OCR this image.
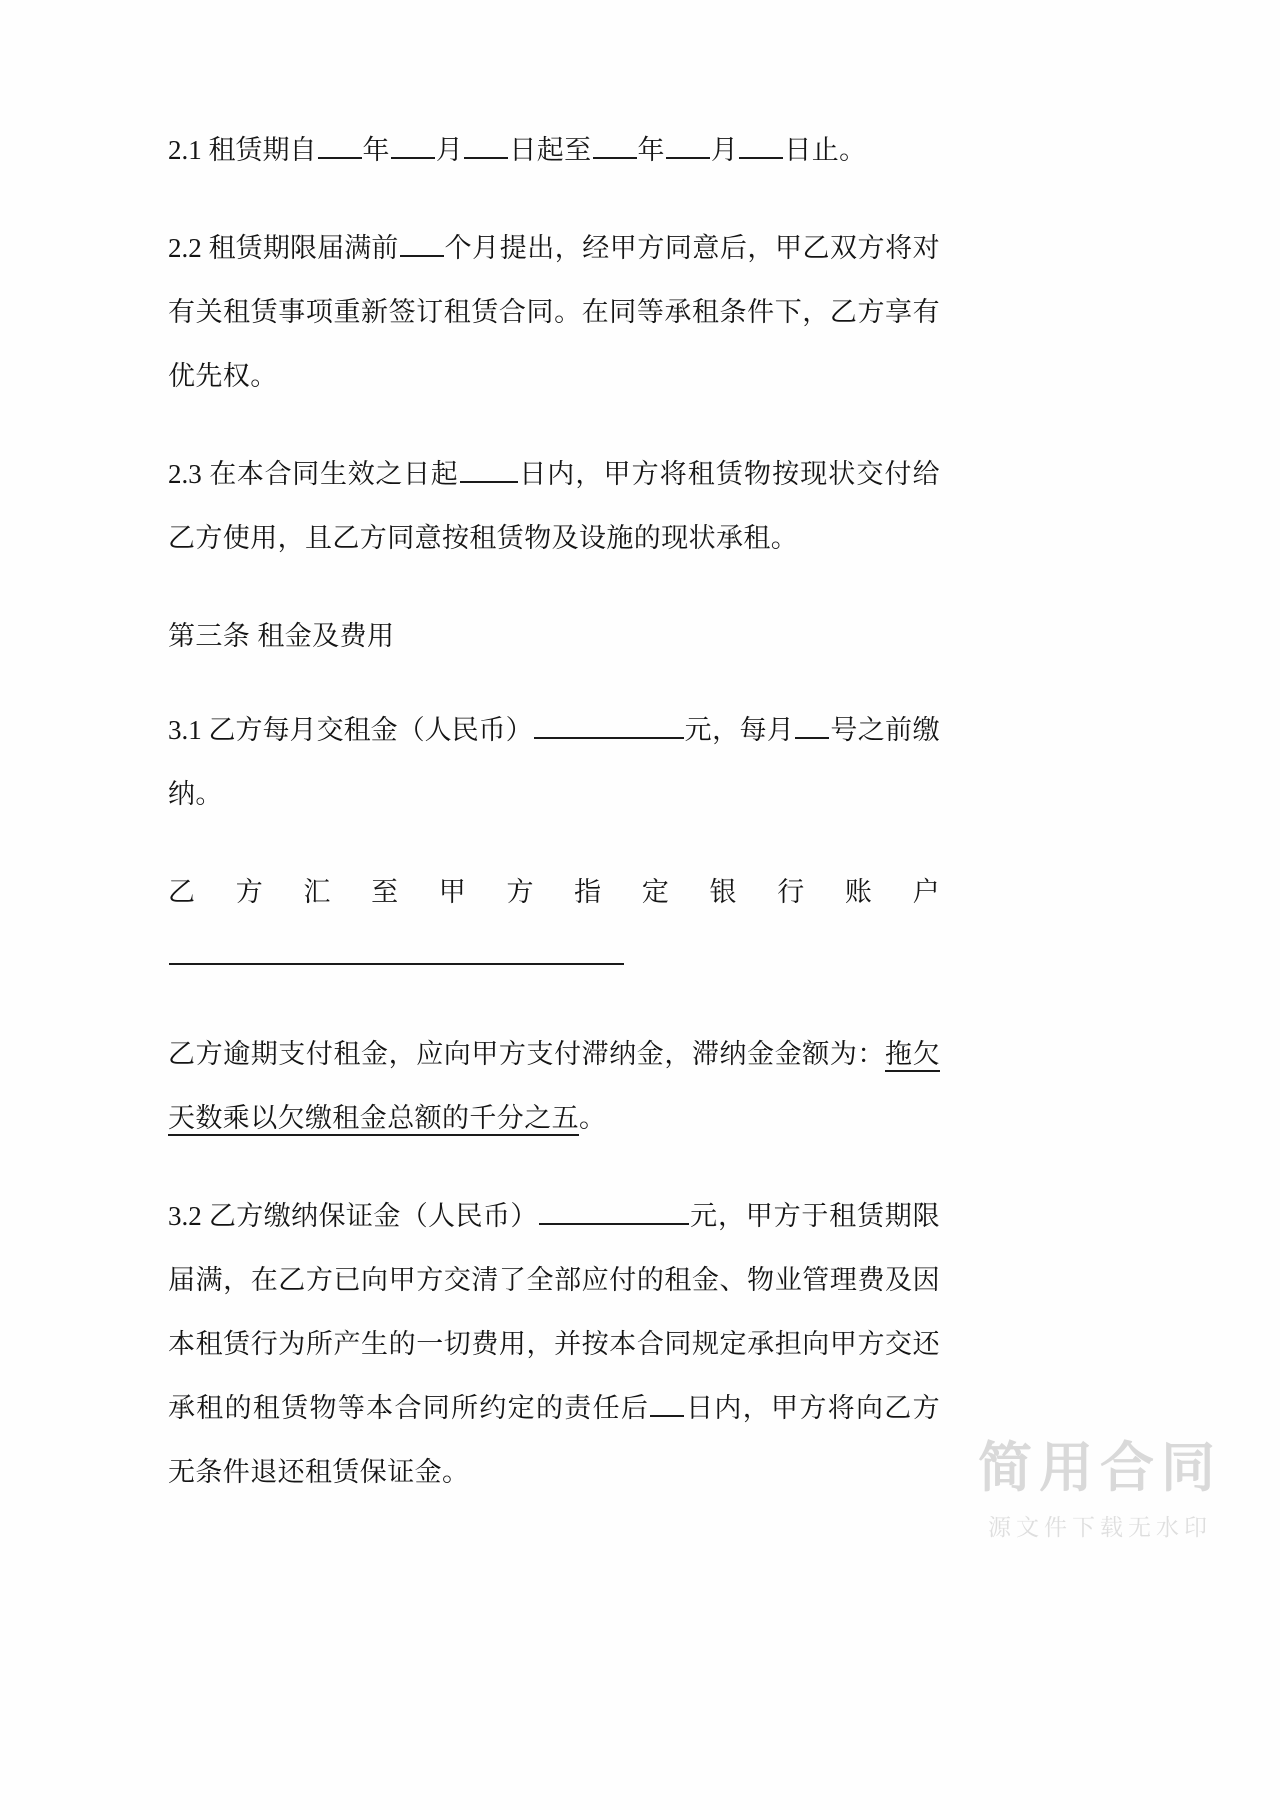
2.1 租赁期自 年 月 日起至 年 月 日止。

2.2 租赁期限届满前 个月提出，经甲方同意后，甲乙双方将对有关租赁事项重新签订租赁合同。在同等承租条件下，乙方享有优先权。

2.3 在本合同生效之日起 日内，甲方将租赁物按现状交付给乙方使用，且乙方同意按租赁物及设施的现状承租。

第三条 租金及费用

3.1 乙方每月交租金（人民币）	元，每月 号之前缴纳。

乙方汇至甲方指定银行账户

乙方逾期支付租金，应向甲方支付滞纳金，滞纳金金额为：拖欠天数乘以欠缴租金总额的千分之五。

3.2 乙方缴纳保证金（人民币）	元，甲方于租赁期限届满，在乙方已向甲方交清了全部应付的租金、物业管理费及因本租赁行为所产生的一切费用，并按本合同规定承担向甲方交还承租的租赁物等本合同所约定的责任后 日内，甲方将向乙方无条件退还租赁保证金。	简用合同
源文件下载无水印
